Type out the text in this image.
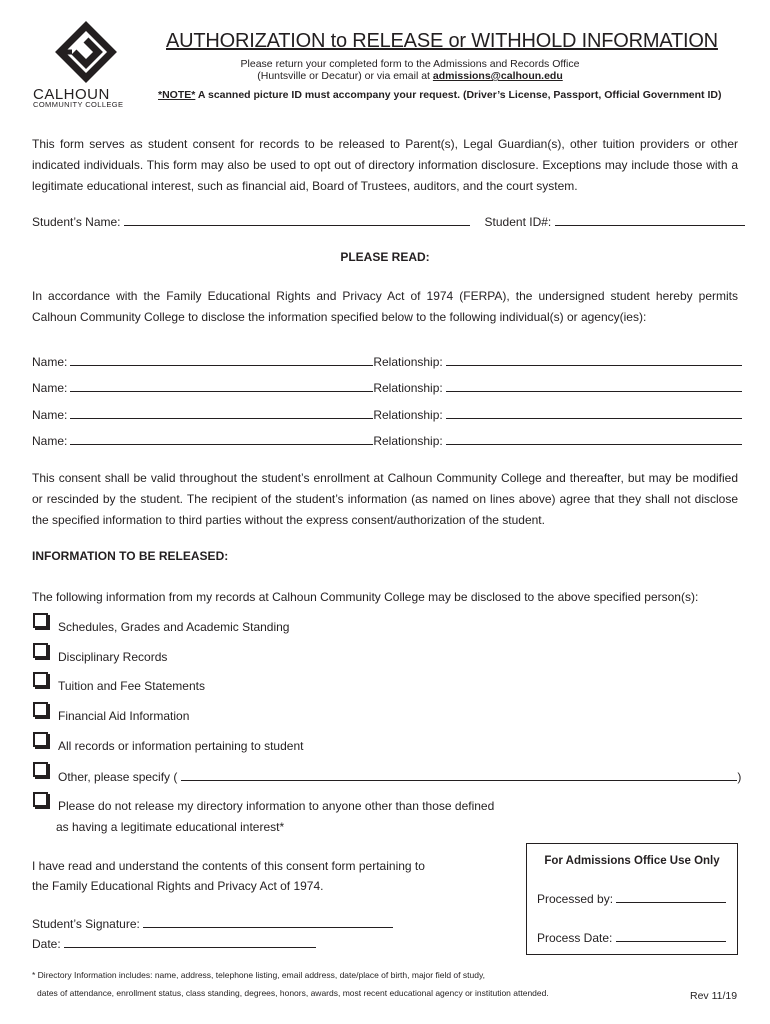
CALHOUN
COMMUNITY COLLEGE
AUTHORIZATION to RELEASE or WITHHOLD INFORMATION
Please return your completed form to the Admissions and Records Office
(Huntsville or Decatur) or via email at admissions@calhoun.edu
*NOTE* A scanned picture ID must accompany your request. (Driver’s License, Passport, Official Government ID)
This form serves as student consent for records to be released to Parent(s), Legal Guardian(s), other tuition providers or other indicated individuals. This form may also be used to opt out of directory information disclosure. Exceptions may include those with a legitimate educational interest, such as financial aid, Board of Trustees, auditors, and the court system.
Student’s Name:	Student ID#:
PLEASE READ:
In accordance with the Family Educational Rights and Privacy Act of 1974 (FERPA), the undersigned student hereby permits Calhoun Community College to disclose the information specified below to the following individual(s) or agency(ies):
Name:	Relationship:
Name:	Relationship:
Name:	Relationship:
Name:	Relationship:
This consent shall be valid throughout the student’s enrollment at Calhoun Community College and thereafter, but may be modified or rescinded by the student. The recipient of the student’s information (as named on lines above) agree that they shall not disclose the specified information to third parties without the express consent/authorization of the student.
INFORMATION TO BE RELEASED:
The following information from my records at Calhoun Community College may be disclosed to the above specified person(s):
Schedules, Grades and Academic Standing
Disciplinary Records
Tuition and Fee Statements
Financial Aid Information
All records or information pertaining to student
Other, please specify (	)
Please do not release my directory information to anyone other than those defined
as having a legitimate educational interest*
I have read and understand the contents of this consent form pertaining to
the Family Educational Rights and Privacy Act of 1974.
Student’s Signature:
Date:
For Admissions Office Use Only
Processed by:
Process Date:
* Directory Information includes: name, address, telephone listing, email address, date/place of birth, major field of study,
dates of attendance, enrollment status, class standing, degrees, honors, awards, most recent educational agency or institution attended.	Rev 11/19
